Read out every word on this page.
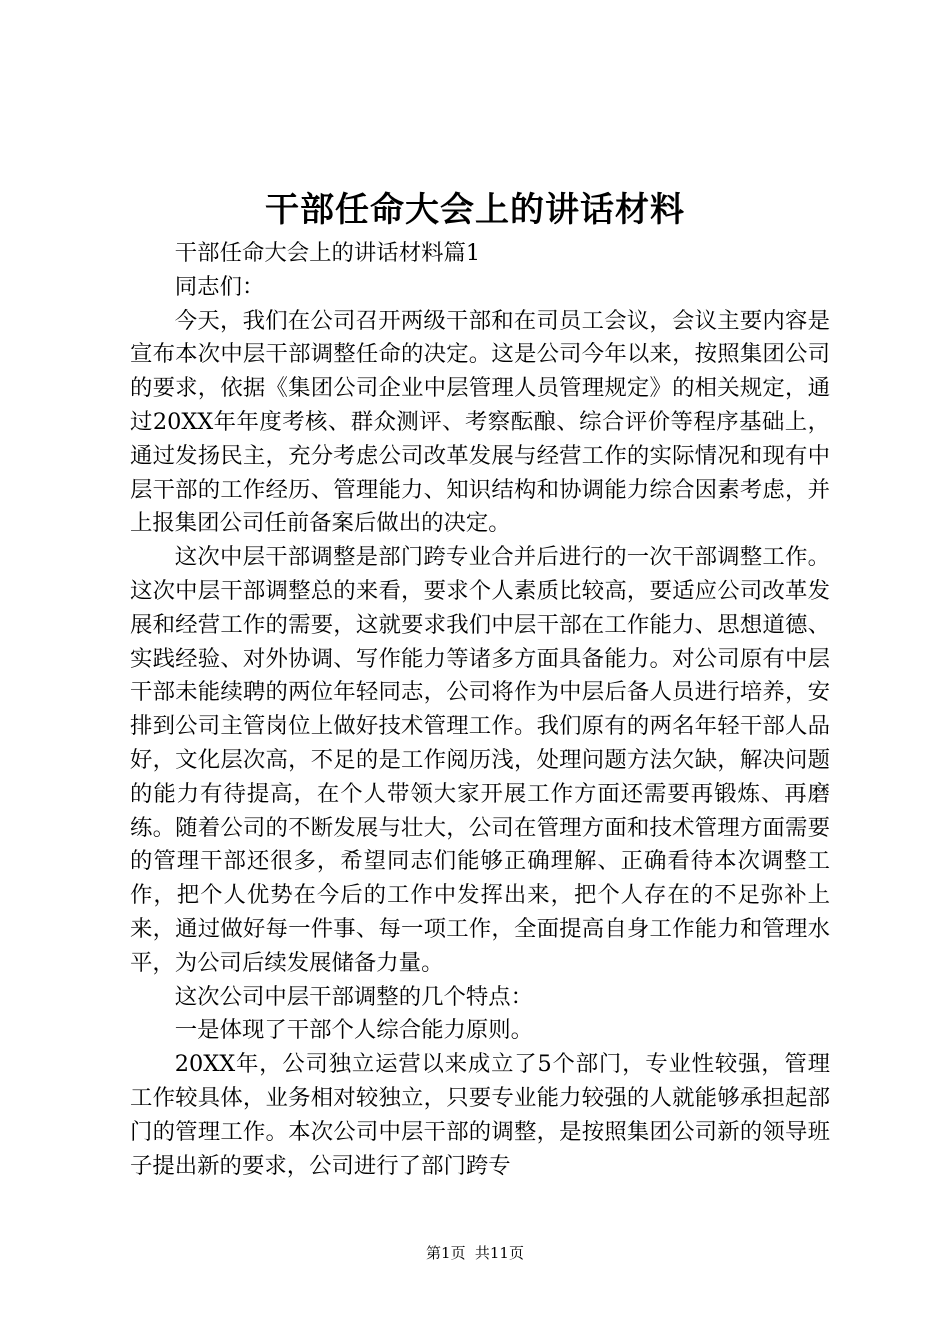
干部任命大会上的讲话材料

干部任命大会上的讲话材料篇1

同志们：

今天，我们在公司召开两级干部和在司员工会议，会议主要内容是宣布本次中层干部调整任命的决定。这是公司今年以来，按照集团公司的要求，依据《集团公司企业中层管理人员管理规定》的相关规定，通过20XX年年度考核、群众测评、考察酝酿、综合评价等程序基础上，通过发扬民主，充分考虑公司改革发展与经营工作的实际情况和现有中层干部的工作经历、管理能力、知识结构和协调能力综合因素考虑，并上报集团公司任前备案后做出的决定。

这次中层干部调整是部门跨专业合并后进行的一次干部调整工作。这次中层干部调整总的来看，要求个人素质比较高，要适应公司改革发展和经营工作的需要，这就要求我们中层干部在工作能力、思想道德、实践经验、对外协调、写作能力等诸多方面具备能力。对公司原有中层干部未能续聘的两位年轻同志，公司将作为中层后备人员进行培养，安排到公司主管岗位上做好技术管理工作。我们原有的两名年轻干部人品好，文化层次高，不足的是工作阅历浅，处理问题方法欠缺，解决问题的能力有待提高，在个人带领大家开展工作方面还需要再锻炼、再磨练。随着公司的不断发展与壮大，公司在管理方面和技术管理方面需要的管理干部还很多，希望同志们能够正确理解、正确看待本次调整工作，把个人优势在今后的工作中发挥出来，把个人存在的不足弥补上来，通过做好每一件事、每一项工作，全面提高自身工作能力和管理水平，为公司后续发展储备力量。

这次公司中层干部调整的几个特点：

一是体现了干部个人综合能力原则。

20XX年，公司独立运营以来成立了5个部门，专业性较强，管理工作较具体，业务相对较独立，只要专业能力较强的人就能够承担起部门的管理工作。本次公司中层干部的调整，是按照集团公司新的领导班子提出新的要求，公司进行了部门跨专

第1页 共11页
